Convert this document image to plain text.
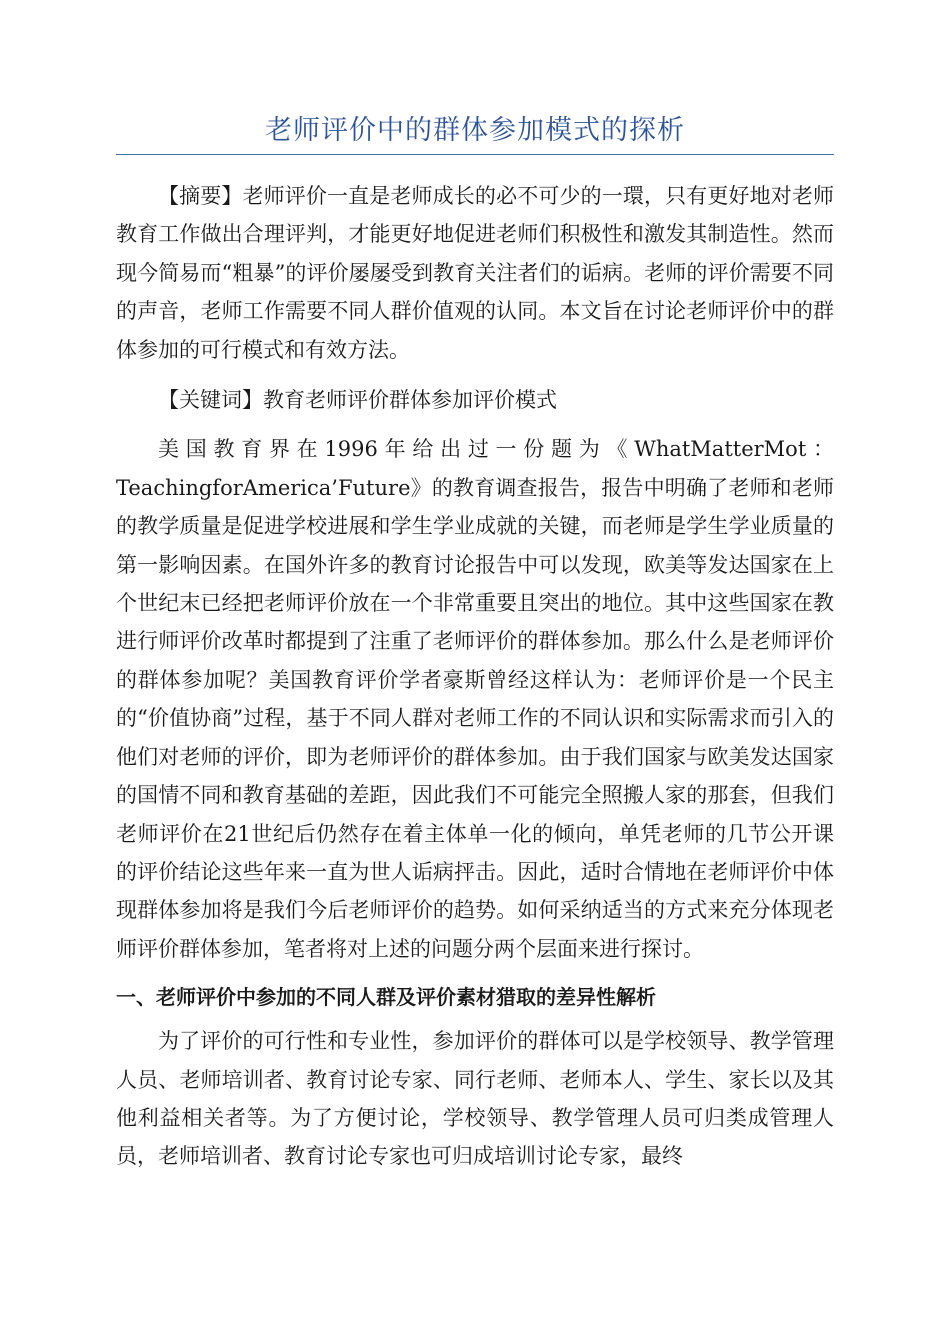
老师评价中的群体参加模式的探析

【摘要】老师评价一直是老师成长的必不可少的一環，只有更好地对老师教育工作做出合理评判，才能更好地促进老师们积极性和激发其制造性。然而现今简易而“粗暴”的评价屡屡受到教育关注者们的诟病。老师的评价需要不同的声音，老师工作需要不同人群价值观的认同。本文旨在讨论老师评价中的群体参加的可行模式和有效方法。

【关键词】教育老师评价群体参加评价模式

美国教育界在1996年给出过一份题为《WhatMatterMot：TeachingforAmerica’Future》的教育调查报告，报告中明确了老师和老师的教学质量是促进学校进展和学生学业成就的关键，而老师是学生学业质量的第一影响因素。在国外许多的教育讨论报告中可以发现，欧美等发达国家在上个世纪末已经把老师评价放在一个非常重要且突出的地位。其中这些国家在教进行师评价改革时都提到了注重了老师评价的群体参加。那么什么是老师评价的群体参加呢？美国教育评价学者豪斯曾经这样认为：老师评价是一个民主的“价值协商”过程，基于不同人群对老师工作的不同认识和实际需求而引入的他们对老师的评价，即为老师评价的群体参加。由于我们国家与欧美发达国家的国情不同和教育基础的差距，因此我们不可能完全照搬人家的那套，但我们老师评价在21世纪后仍然存在着主体单一化的倾向，单凭老师的几节公开课的评价结论这些年来一直为世人诟病抨击。因此，适时合情地在老师评价中体现群体参加将是我们今后老师评价的趋势。如何采纳适当的方式来充分体现老师评价群体参加，笔者将对上述的问题分两个层面来进行探讨。

一、老师评价中参加的不同人群及评价素材猎取的差异性解析

为了评价的可行性和专业性，参加评价的群体可以是学校领导、教学管理人员、老师培训者、教育讨论专家、同行老师、老师本人、学生、家长以及其他利益相关者等。为了方便讨论，学校领导、教学管理人员可归类成管理人员，老师培训者、教育讨论专家也可归成培训讨论专家，最终
